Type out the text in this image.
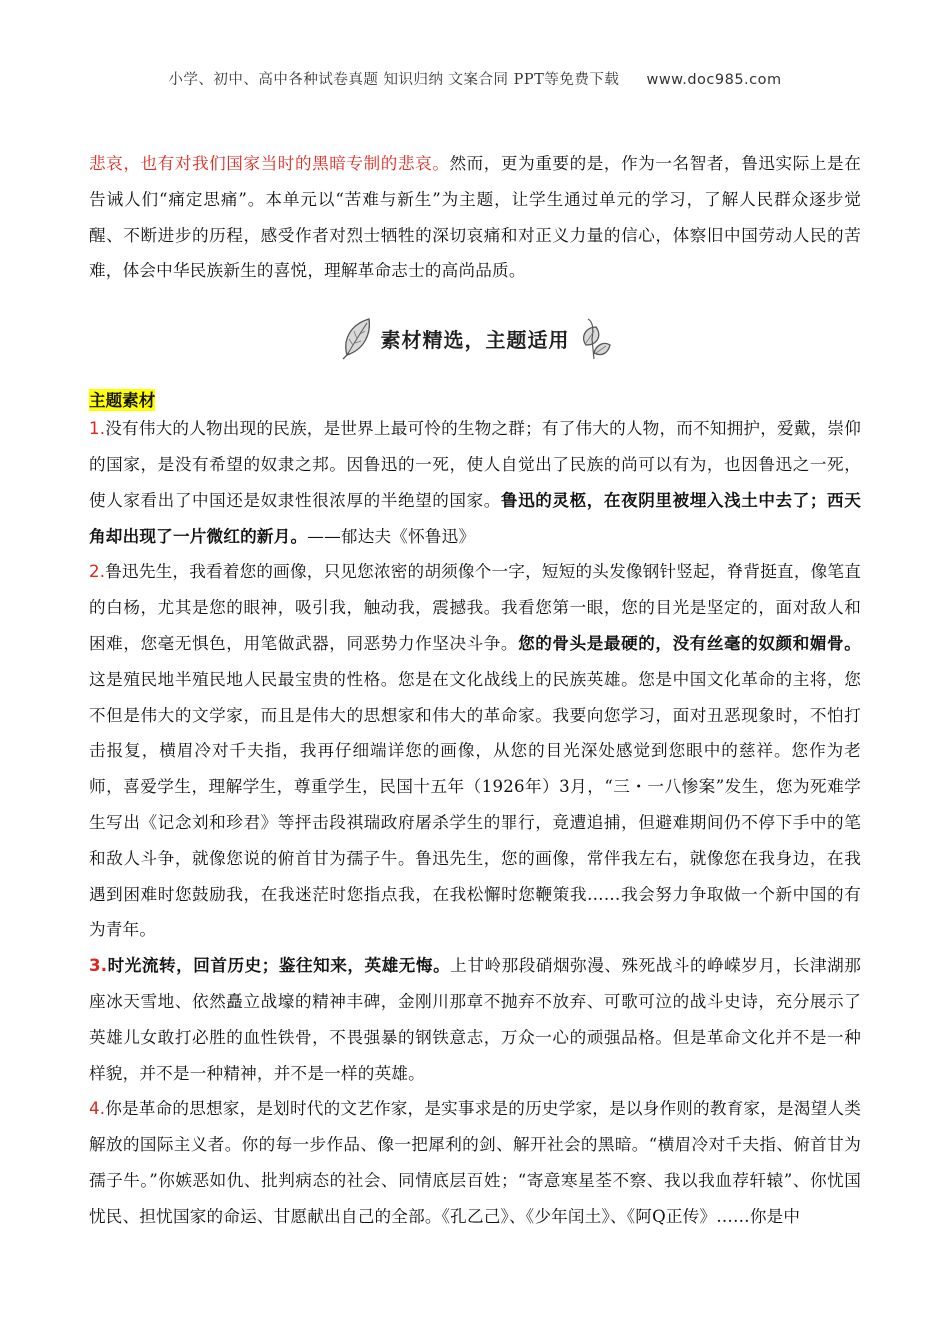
小学、初中、高中各种试卷真题 知识归纳 文案合同 PPT等免费下载 www.doc985.com

悲哀，也有对我们国家当时的黑暗专制的悲哀。然而，更为重要的是，作为一名智者，鲁迅实际上是在告诫人们“痛定思痛”。本单元以“苦难与新生”为主题，让学生通过单元的学习，了解人民群众逐步觉醒、不断进步的历程，感受作者对烈士牺牲的深切哀痛和对正义力量的信心，体察旧中国劳动人民的苦难，体会中华民族新生的喜悦，理解革命志士的高尚品质。

素材精选，主题适用
主题素材

1.没有伟大的人物出现的民族，是世界上最可怜的生物之群；有了伟大的人物，而不知拥护，爱戴，崇仰的国家，是没有希望的奴隶之邦。因鲁迅的一死，使人自觉出了民族的尚可以有为，也因鲁迅之一死，使人家看出了中国还是奴隶性很浓厚的半绝望的国家。鲁迅的灵柩，在夜阴里被埋入浅土中去了；西天角却出现了一片微红的新月。——郁达夫《怀鲁迅》

2.鲁迅先生，我看着您的画像，只见您浓密的胡须像个一字，短短的头发像钢针竖起，脊背挺直，像笔直的白杨，尤其是您的眼神，吸引我，触动我，震撼我。我看您第一眼，您的目光是坚定的，面对敌人和困难，您毫无惧色，用笔做武器，同恶势力作坚决斗争。您的骨头是最硬的，没有丝毫的奴颜和媚骨。这是殖民地半殖民地人民最宝贵的性格。您是在文化战线上的民族英雄。您是中国文化革命的主将，您不但是伟大的文学家，而且是伟大的思想家和伟大的革命家。我要向您学习，面对丑恶现象时，不怕打击报复，横眉冷对千夫指，我再仔细端详您的画像，从您的目光深处感觉到您眼中的慈祥。您作为老师，喜爱学生，理解学生，尊重学生，民国十五年（1926年）3月，“三・一八惨案”发生，您为死难学生写出《记念刘和珍君》等抨击段祺瑞政府屠杀学生的罪行，竟遭追捕，但避难期间仍不停下手中的笔和敌人斗争，就像您说的俯首甘为孺子牛。鲁迅先生，您的画像，常伴我左右，就像您在我身边，在我遇到困难时您鼓励我，在我迷茫时您指点我，在我松懈时您鞭策我……我会努力争取做一个新中国的有为青年。

3.时光流转，回首历史；鉴往知来，英雄无悔。上甘岭那段硝烟弥漫、殊死战斗的峥嵘岁月，长津湖那座冰天雪地、依然矗立战壕的精神丰碑，金刚川那章不抛弃不放弃、可歌可泣的战斗史诗，充分展示了英雄儿女敢打必胜的血性铁骨，不畏强暴的钢铁意志，万众一心的顽强品格。但是革命文化并不是一种样貌，并不是一种精神，并不是一样的英雄。

4.你是革命的思想家，是划时代的文艺作家，是实事求是的历史学家，是以身作则的教育家，是渴望人类解放的国际主义者。你的每一步作品、像一把犀利的剑、解开社会的黑暗。“横眉冷对千夫指、俯首甘为孺子牛。”你嫉恶如仇、批判病态的社会、同情底层百姓；“寄意寒星荃不察、我以我血荐轩辕”、你忧国忧民、担忧国家的命运、甘愿献出自己的全部。《孔乙己》、《少年闰土》、《阿Q正传》……你是中
